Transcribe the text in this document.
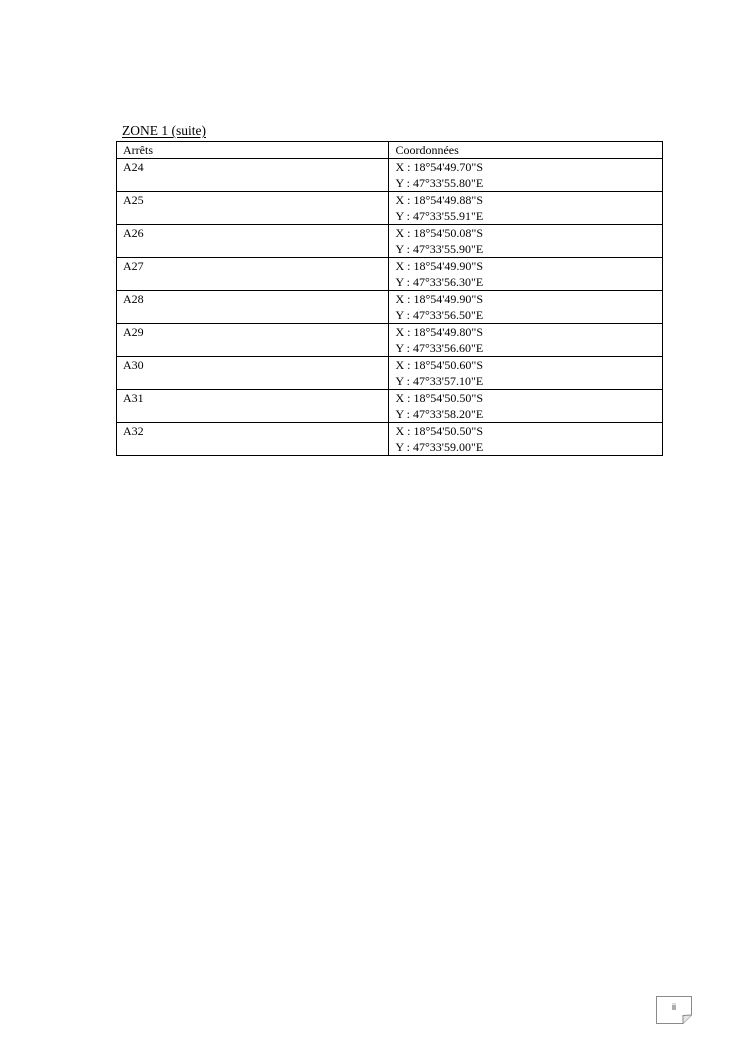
ZONE 1 (suite)
Arrêts	Coordonnées
A24	X : 18°54'49.70"S
Y : 47°33'55.80"E

A25	X : 18°54'49.88"S
Y : 47°33'55.91"E

A26	X : 18°54'50.08"S
Y : 47°33'55.90"E

A27	X : 18°54'49.90"S
Y : 47°33'56.30"E

A28	X : 18°54'49.90"S
Y : 47°33'56.50"E

A29	X : 18°54'49.80"S
Y : 47°33'56.60"E

A30	X : 18°54'50.60"S
Y : 47°33'57.10"E

A31	X : 18°54'50.50"S
Y : 47°33'58.20"E

A32	X : 18°54'50.50"S
Y : 47°33'59.00"E
ii
